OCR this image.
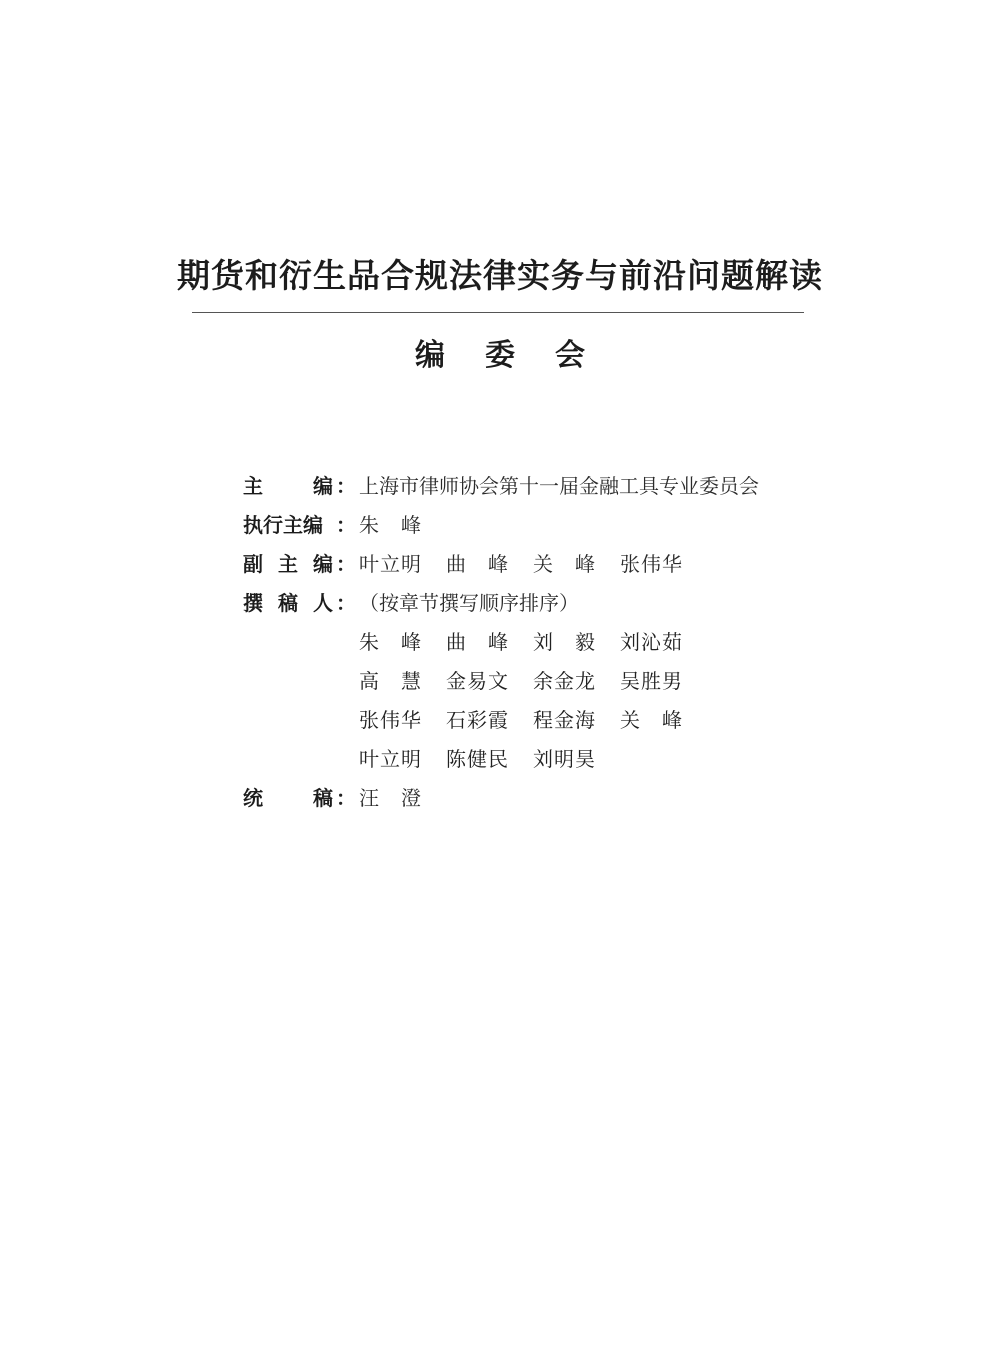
期货和衍生品合规法律实务与前沿问题解读
编委会
主	编 ： 上海市律师协会第十一届金融工具专业委员会
执行主编 ： 朱　峰
副 主 编 ： 叶立明	曲　峰	关　峰	张伟华
撰 稿 人 ： （按章节撰写顺序排序）
朱　峰	曲　峰	刘　毅	刘沁茹
高　慧	金易文	余金龙	吴胜男
张伟华	石彩霞	程金海	关　峰
叶立明	陈健民	刘明昊
统	稿 ： 汪　澄
